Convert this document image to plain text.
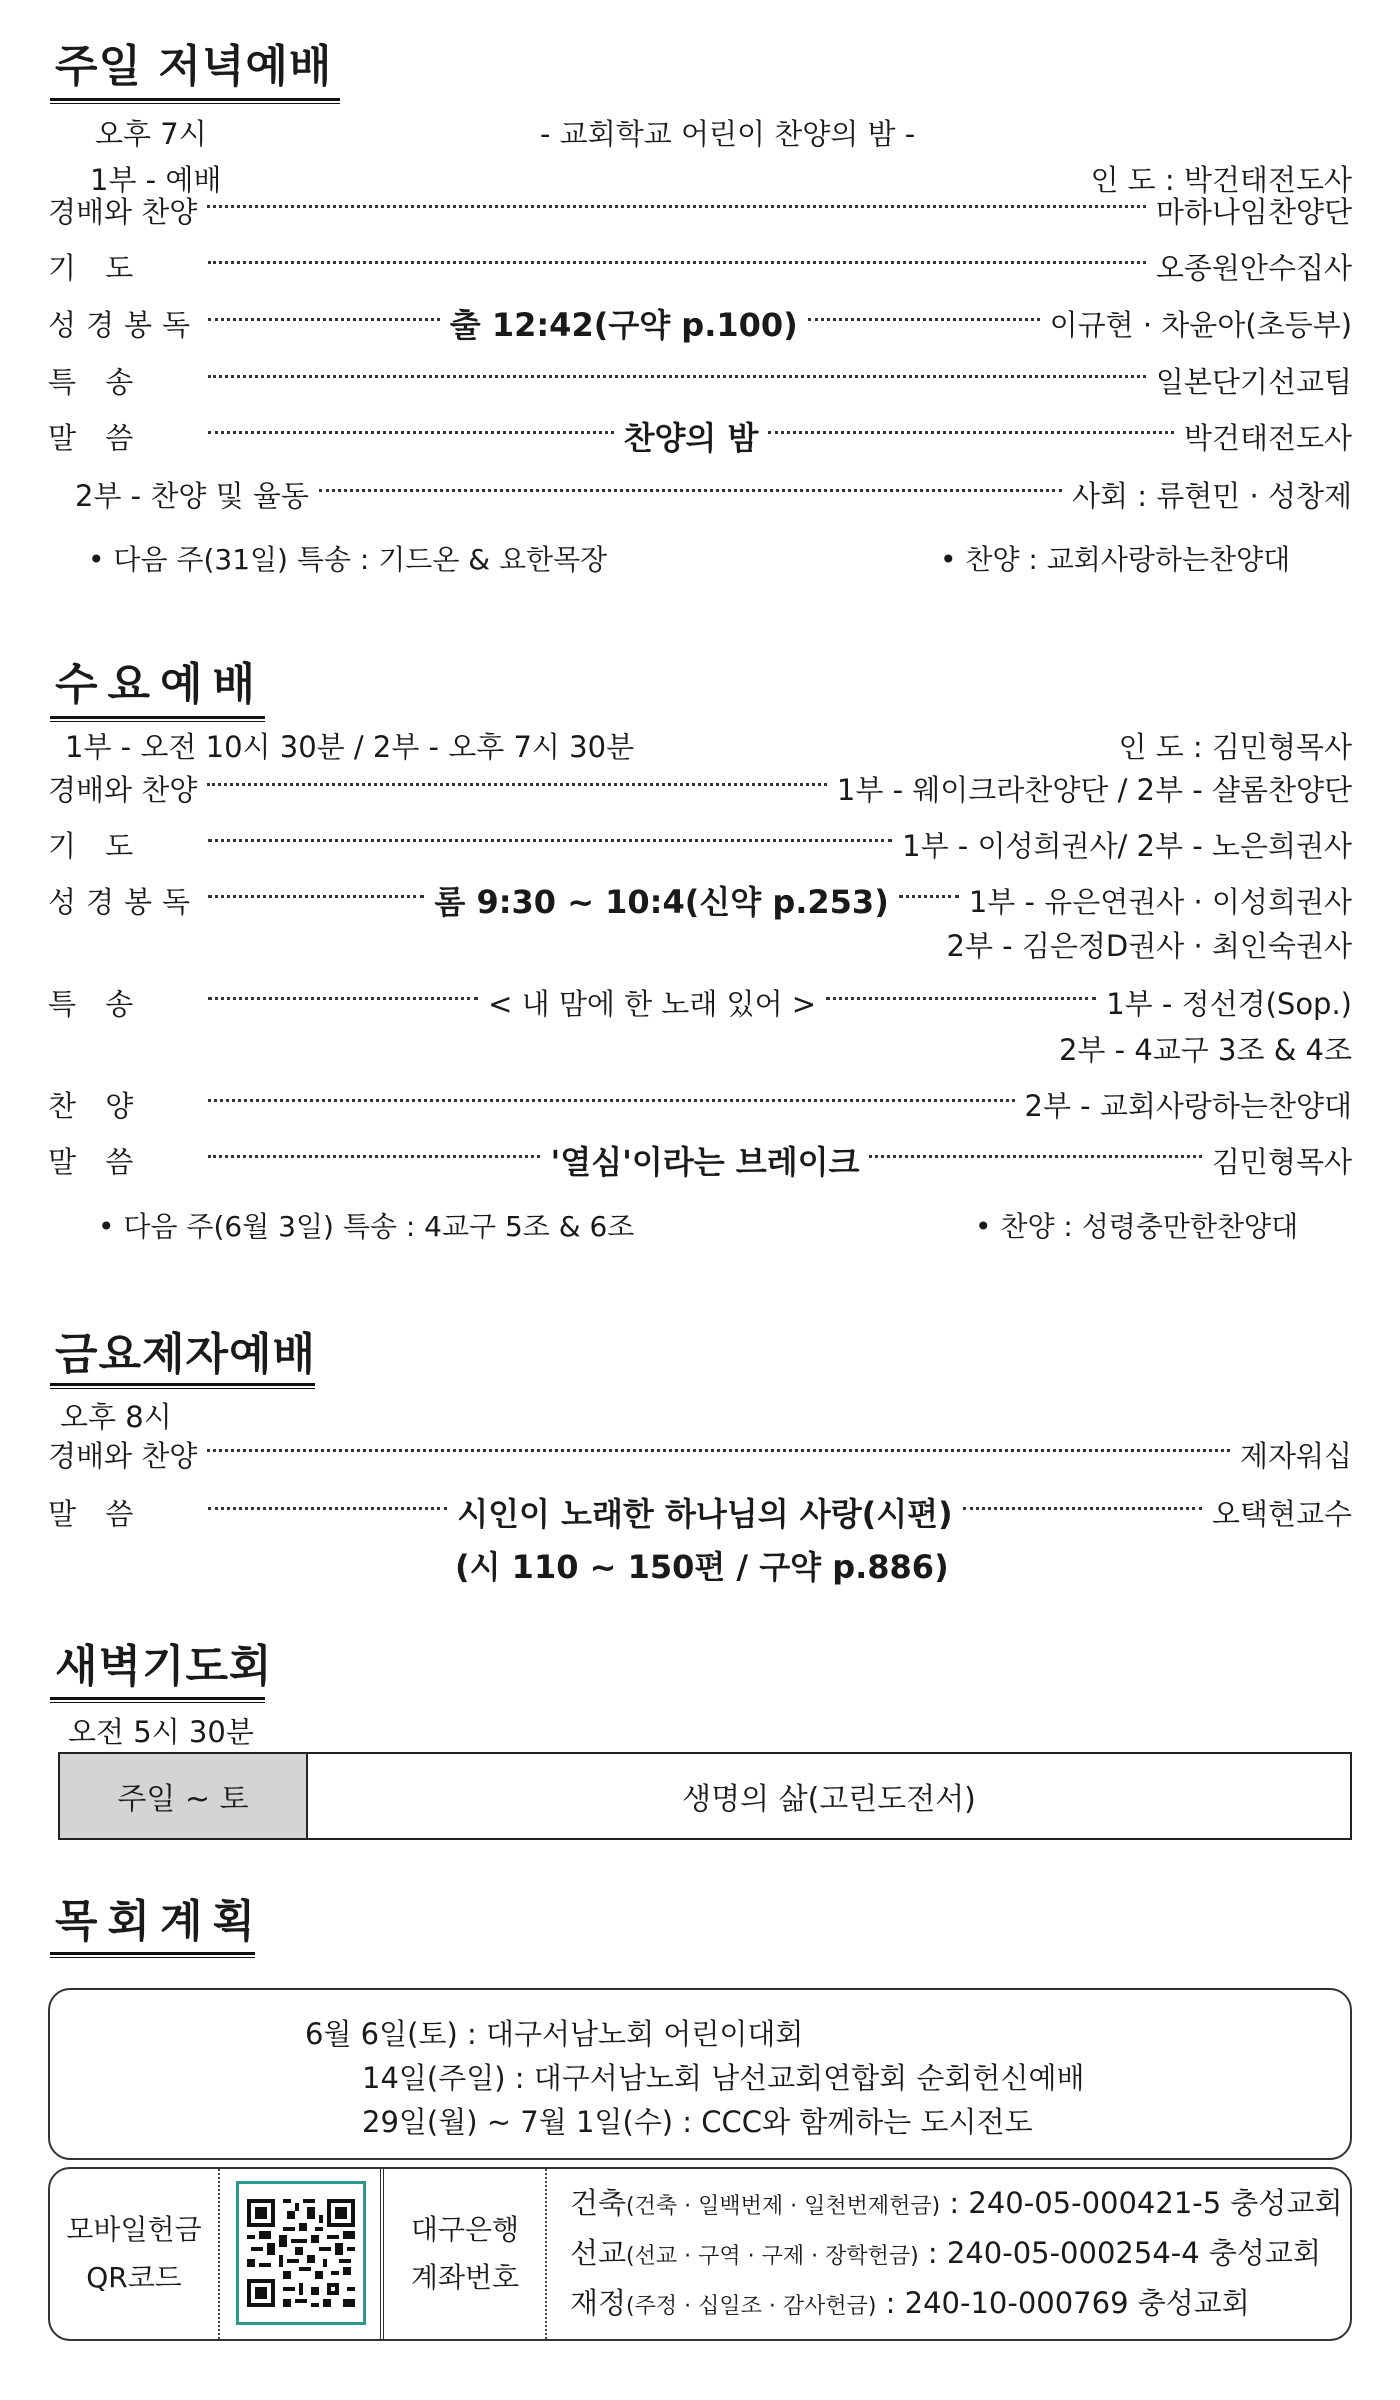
주일 저녁예배
오후 7시	- 교회학교 어린이 찬양의 밤 -
1부 - 예배	인 도 : 박건태전도사
경배와 찬양	마하나임찬양단
기 도	오종원안수집사
성경봉독	출 12:42(구약 p.100)	이규현 · 차윤아(초등부)
특 송	일본단기선교팀
말 씀	찬양의 밤	박건태전도사
2부 - 찬양 및 율동	사회 : 류현민 · 성창제
• 다음 주(31일) 특송 : 기드온 & 요한목장	• 찬양 : 교회사랑하는찬양대
수요예배
1부 - 오전 10시 30분 / 2부 - 오후 7시 30분	인 도 : 김민형목사
경배와 찬양	1부 - 웨이크라찬양단 / 2부 - 샬롬찬양단
기 도	1부 - 이성희권사/ 2부 - 노은희권사
성경봉독	롬 9:30 ~ 10:4(신약 p.253)	1부 - 유은연권사 · 이성희권사
2부 - 김은정D권사 · 최인숙권사
특 송	< 내 맘에 한 노래 있어 >	1부 - 정선경(Sop.)
2부 - 4교구 3조 & 4조
찬 양	2부 - 교회사랑하는찬양대
말 씀	'열심'이라는 브레이크	김민형목사
• 다음 주(6월 3일) 특송 : 4교구 5조 & 6조	• 찬양 : 성령충만한찬양대
금요제자예배
오후 8시
경배와 찬양	제자워십
말 씀	시인이 노래한 하나님의 사랑(시편)	오택현교수
(시 110 ~ 150편 / 구약 p.886)
새벽기도회
오전 5시 30분
주일 ~ 토	생명의 삶(고린도전서)
목회계획
6월 6일(토) : 대구서남노회 어린이대회
14일(주일) : 대구서남노회 남선교회연합회 순회헌신예배
29일(월) ~ 7월 1일(수) : CCC와 함께하는 도시전도
모바일헌금
QR코드
대구은행
계좌번호
건축(건축 · 일백번제 · 일천번제헌금) : 240-05-000421-5 충성교회
선교(선교 · 구역 · 구제 · 장학헌금) : 240-05-000254-4 충성교회
재정(주정 · 십일조 · 감사헌금) : 240-10-000769 충성교회
